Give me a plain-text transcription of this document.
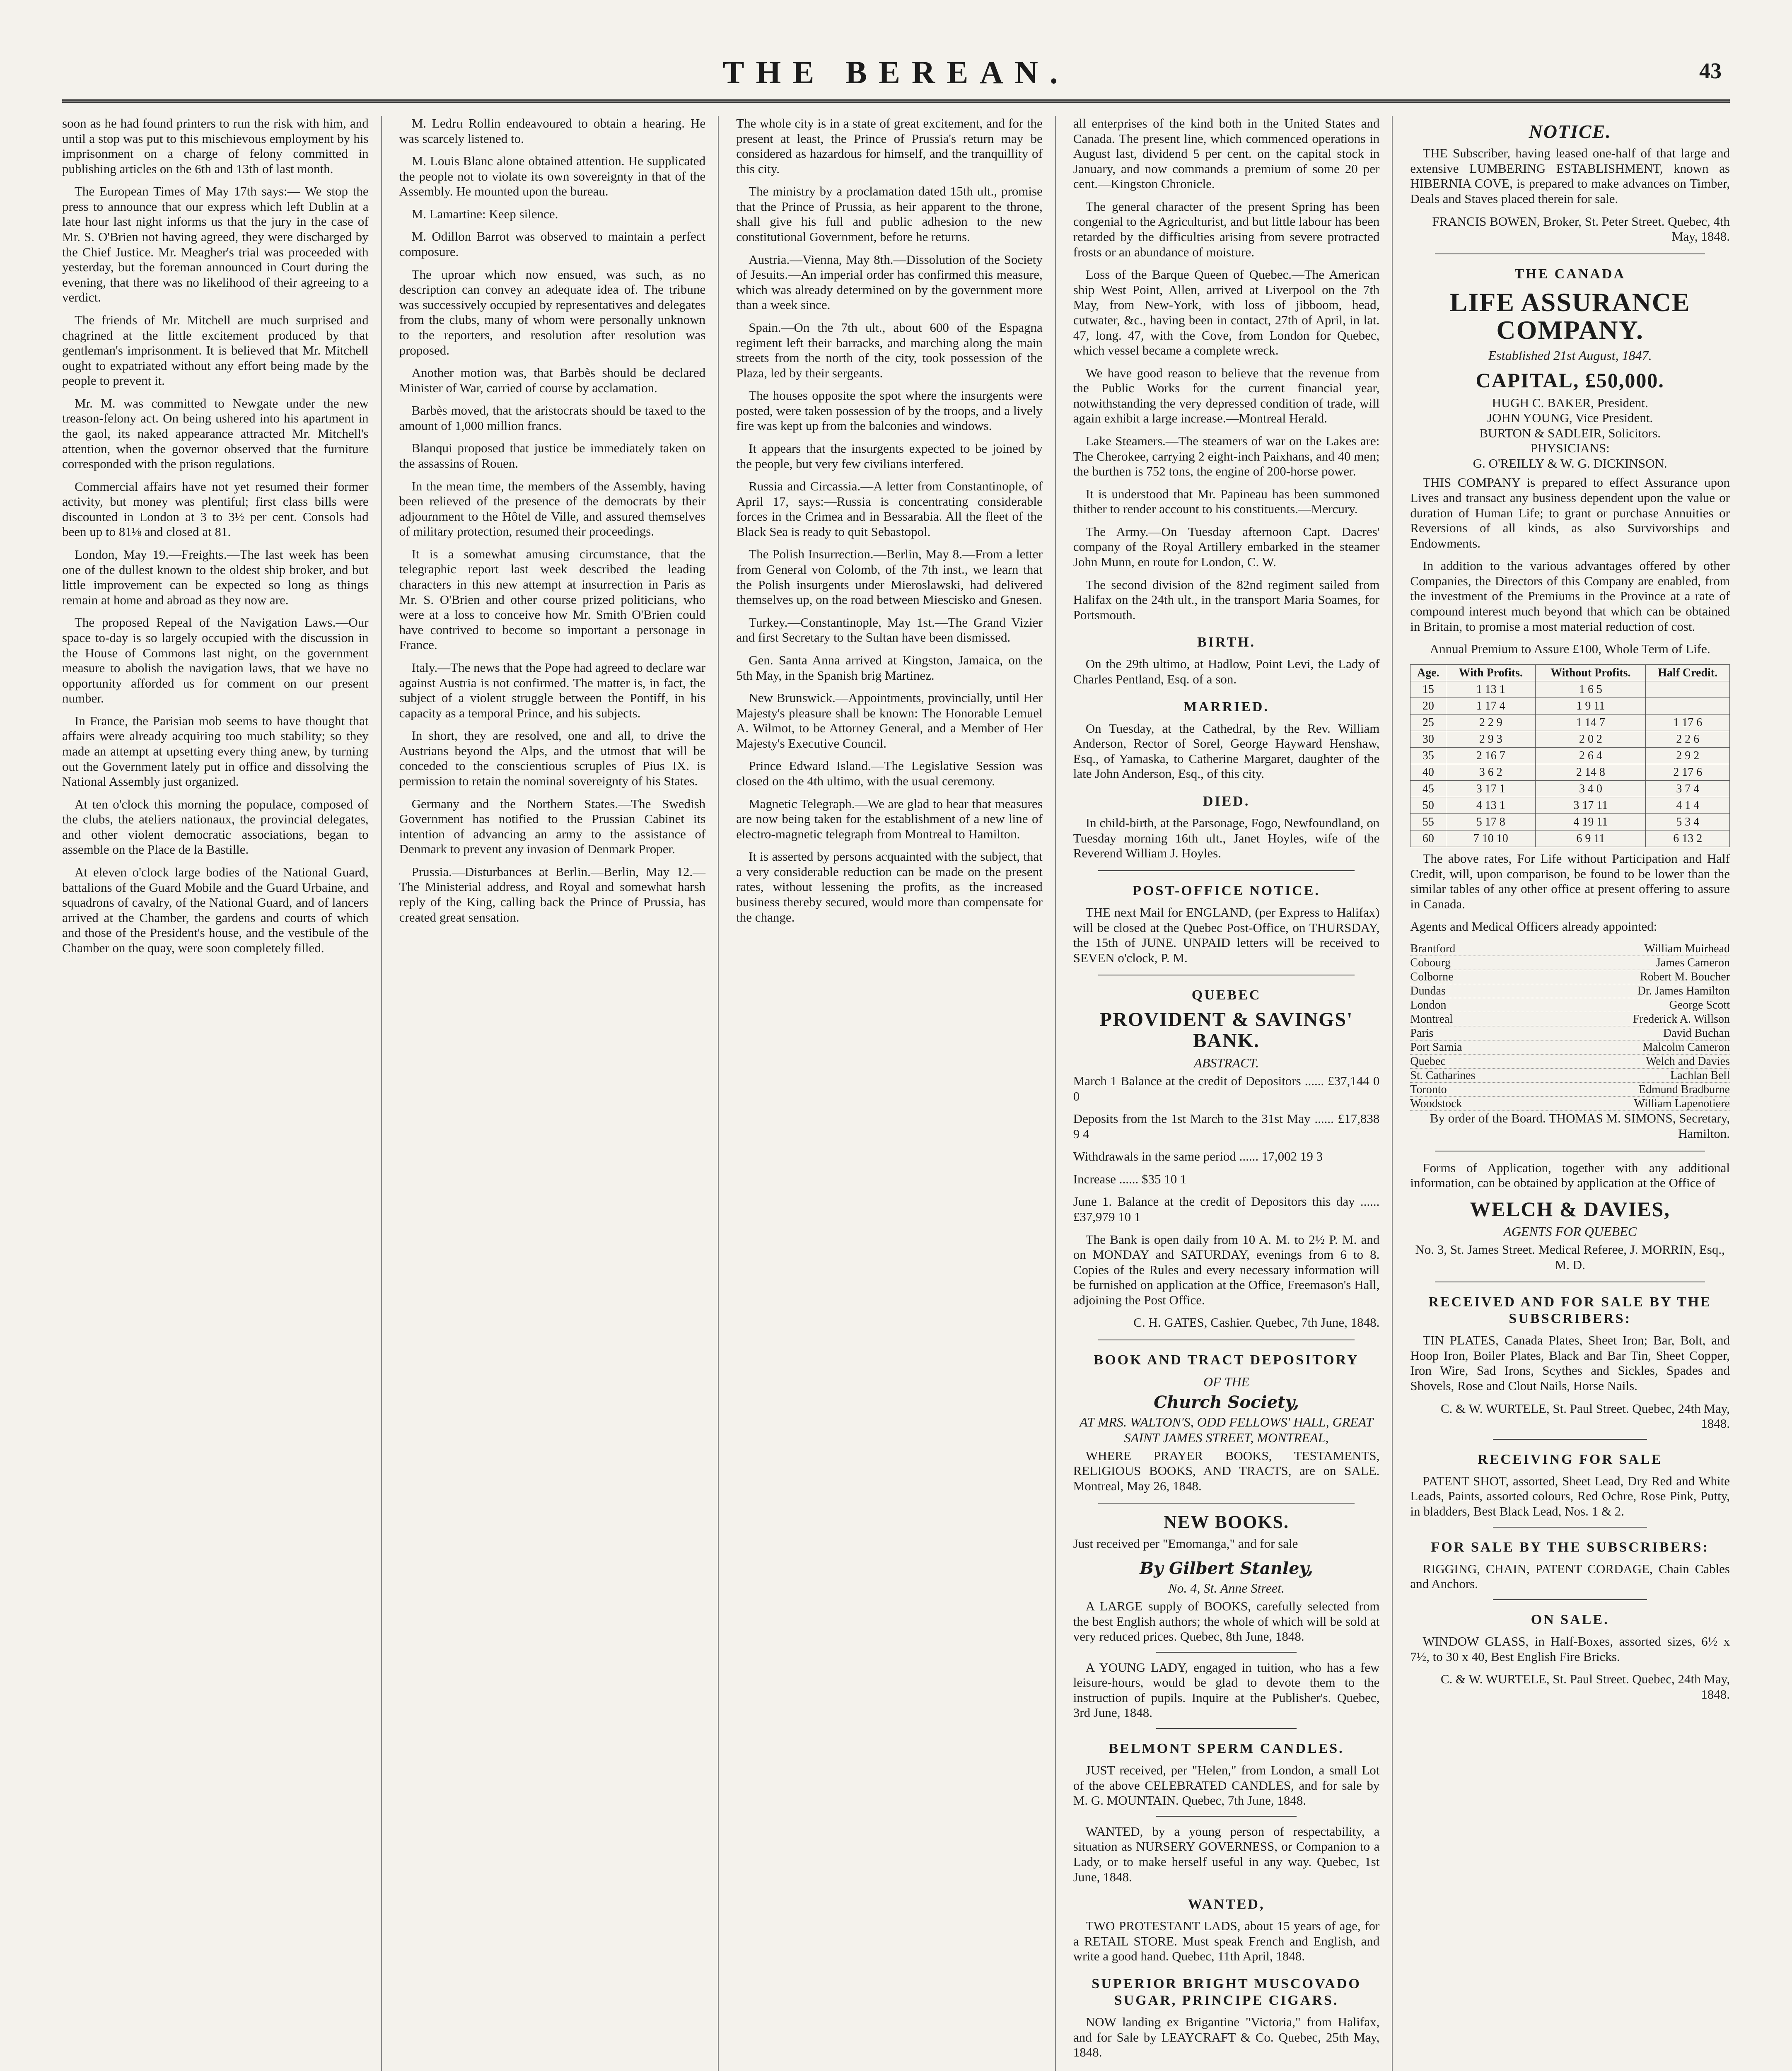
THE BEREAN.	43

soon as he had found printers to run the risk with him, and until a stop was put to this mischievous employment by his imprisonment on a charge of felony committed in publishing articles on the 6th and 13th of last month.

The European Times of May 17th says:— We stop the press to announce that our express which left Dublin at a late hour last night informs us that the jury in the case of Mr. S. O'Brien not having agreed, they were discharged by the Chief Justice. Mr. Meagher's trial was proceeded with yesterday, but the foreman announced in Court during the evening, that there was no likelihood of their agreeing to a verdict.

The friends of Mr. Mitchell are much surprised and chagrined at the little excitement produced by that gentleman's imprisonment. It is believed that Mr. Mitchell ought to expatriated without any effort being made by the people to prevent it.

Mr. M. was committed to Newgate under the new treason-felony act. On being ushered into his apartment in the gaol, its naked appearance attracted Mr. Mitchell's attention, when the governor observed that the furniture corresponded with the prison regulations.

Commercial affairs have not yet resumed their former activity, but money was plentiful; first class bills were discounted in London at 3 to 3½ per cent. Consols had been up to 81⅛ and closed at 81.

London, May 19.—Freights.—The last week has been one of the dullest known to the oldest ship broker, and but little improvement can be expected so long as things remain at home and abroad as they now are.

The proposed Repeal of the Navigation Laws.—Our space to-day is so largely occupied with the discussion in the House of Commons last night, on the government measure to abolish the navigation laws, that we have no opportunity afforded us for comment on our present number.

In France, the Parisian mob seems to have thought that affairs were already acquiring too much stability; so they made an attempt at upsetting every thing anew, by turning out the Government lately put in office and dissolving the National Assembly just organized.

At ten o'clock this morning the populace, composed of the clubs, the ateliers nationaux, the provincial delegates, and other violent democratic associations, began to assemble on the Place de la Bastille.

At eleven o'clock large bodies of the National Guard, battalions of the Guard Mobile and the Guard Urbaine, and squadrons of cavalry, of the National Guard, and of lancers arrived at the Chamber, the gardens and courts of which and those of the President's house, and the vestibule of the Chamber on the quay, were soon completely filled.

M. Ledru Rollin endeavoured to obtain a hearing. He was scarcely listened to.

M. Louis Blanc alone obtained attention. He supplicated the people not to violate its own sovereignty in that of the Assembly. He mounted upon the bureau.

M. Lamartine: Keep silence.

M. Odillon Barrot was observed to maintain a perfect composure.

The uproar which now ensued, was such, as no description can convey an adequate idea of. The tribune was successively occupied by representatives and delegates from the clubs, many of whom were personally unknown to the reporters, and resolution after resolution was proposed.

Another motion was, that Barbès should be declared Minister of War, carried of course by acclamation.

Barbès moved, that the aristocrats should be taxed to the amount of 1,000 million francs.

Blanqui proposed that justice be immediately taken on the assassins of Rouen.

In the mean time, the members of the Assembly, having been relieved of the presence of the democrats by their adjournment to the Hôtel de Ville, and assured themselves of military protection, resumed their proceedings.

It is a somewhat amusing circumstance, that the telegraphic report last week described the leading characters in this new attempt at insurrection in Paris as Mr. S. O'Brien and other course prized politicians, who were at a loss to conceive how Mr. Smith O'Brien could have contrived to become so important a personage in France.

Italy.—The news that the Pope had agreed to declare war against Austria is not confirmed. The matter is, in fact, the subject of a violent struggle between the Pontiff, in his capacity as a temporal Prince, and his subjects.

In short, they are resolved, one and all, to drive the Austrians beyond the Alps, and the utmost that will be conceded to the conscientious scruples of Pius IX. is permission to retain the nominal sovereignty of his States.

Germany and the Northern States.—The Swedish Government has notified to the Prussian Cabinet its intention of advancing an army to the assistance of Denmark to prevent any invasion of Denmark Proper.

Prussia.—Disturbances at Berlin.—Berlin, May 12.—The Ministerial address, and Royal and somewhat harsh reply of the King, calling back the Prince of Prussia, has created great sensation.

The whole city is in a state of great excitement, and for the present at least, the Prince of Prussia's return may be considered as hazardous for himself, and the tranquillity of this city.

The ministry by a proclamation dated 15th ult., promise that the Prince of Prussia, as heir apparent to the throne, shall give his full and public adhesion to the new constitutional Government, before he returns.

Austria.—Vienna, May 8th.—Dissolution of the Society of Jesuits.—An imperial order has confirmed this measure, which was already determined on by the government more than a week since.

Spain.—On the 7th ult., about 600 of the Espagna regiment left their barracks, and marching along the main streets from the north of the city, took possession of the Plaza, led by their sergeants.

The houses opposite the spot where the insurgents were posted, were taken possession of by the troops, and a lively fire was kept up from the balconies and windows.

It appears that the insurgents expected to be joined by the people, but very few civilians interfered.

Russia and Circassia.—A letter from Constantinople, of April 17, says:—Russia is concentrating considerable forces in the Crimea and in Bessarabia. All the fleet of the Black Sea is ready to quit Sebastopol.

The Polish Insurrection.—Berlin, May 8.—From a letter from General von Colomb, of the 7th inst., we learn that the Polish insurgents under Mieroslawski, had delivered themselves up, on the road between Miescisko and Gnesen.

Turkey.—Constantinople, May 1st.—The Grand Vizier and first Secretary to the Sultan have been dismissed.

Gen. Santa Anna arrived at Kingston, Jamaica, on the 5th May, in the Spanish brig Martinez.

New Brunswick.—Appointments, provincially, until Her Majesty's pleasure shall be known: The Honorable Lemuel A. Wilmot, to be Attorney General, and a Member of Her Majesty's Executive Council.

Prince Edward Island.—The Legislative Session was closed on the 4th ultimo, with the usual ceremony.

Magnetic Telegraph.—We are glad to hear that measures are now being taken for the establishment of a new line of electro-magnetic telegraph from Montreal to Hamilton.

It is asserted by persons acquainted with the subject, that a very considerable reduction can be made on the present rates, without lessening the profits, as the increased business thereby secured, would more than compensate for the change.

all enterprises of the kind both in the United States and Canada. The present line, which commenced operations in August last, dividend 5 per cent. on the capital stock in January, and now commands a premium of some 20 per cent.—Kingston Chronicle.

The general character of the present Spring has been congenial to the Agriculturist, and but little labour has been retarded by the difficulties arising from severe protracted frosts or an abundance of moisture.

Loss of the Barque Queen of Quebec.—The American ship West Point, Allen, arrived at Liverpool on the 7th May, from New-York, with loss of jibboom, head, cutwater, &c., having been in contact, 27th of April, in lat. 47, long. 47, with the Cove, from London for Quebec, which vessel became a complete wreck.

We have good reason to believe that the revenue from the Public Works for the current financial year, notwithstanding the very depressed condition of trade, will again exhibit a large increase.—Montreal Herald.

Lake Steamers.—The steamers of war on the Lakes are: The Cherokee, carrying 2 eight-inch Paixhans, and 40 men; the burthen is 752 tons, the engine of 200-horse power.

It is understood that Mr. Papineau has been summoned thither to render account to his constituents.—Mercury.

The Army.—On Tuesday afternoon Capt. Dacres' company of the Royal Artillery embarked in the steamer John Munn, en route for London, C. W.

The second division of the 82nd regiment sailed from Halifax on the 24th ult., in the transport Maria Soames, for Portsmouth.

BIRTH.

On the 29th ultimo, at Hadlow, Point Levi, the Lady of Charles Pentland, Esq. of a son.

MARRIED.

On Tuesday, at the Cathedral, by the Rev. William Anderson, Rector of Sorel, George Hayward Henshaw, Esq., of Yamaska, to Catherine Margaret, daughter of the late John Anderson, Esq., of this city.

DIED.

In child-birth, at the Parsonage, Fogo, Newfoundland, on Tuesday morning 16th ult., Janet Hoyles, wife of the Reverend William J. Hoyles.

POST-OFFICE NOTICE.

THE next Mail for ENGLAND, (per Express to Halifax) will be closed at the Quebec Post-Office, on THURSDAY, the 15th of JUNE. UNPAID letters will be received to SEVEN o'clock, P. M.

QUEBEC
PROVIDENT & SAVINGS' BANK.
ABSTRACT.

March 1 Balance at the credit of Depositors ...... £37,144 0 0

Deposits from the 1st March to the 31st May ...... £17,838 9 4

Withdrawals in the same period ...... 17,002 19 3

Increase ...... $35 10 1

June 1. Balance at the credit of Depositors this day ...... £37,979 10 1

The Bank is open daily from 10 A. M. to 2½ P. M. and on MONDAY and SATURDAY, evenings from 6 to 8. Copies of the Rules and every necessary information will be furnished on application at the Office, Freemason's Hall, adjoining the Post Office.

C. H. GATES, Cashier. Quebec, 7th June, 1848.

BOOK AND TRACT DEPOSITORY
OF THE
Church Society,
AT MRS. WALTON'S, ODD FELLOWS' HALL, GREAT SAINT JAMES STREET, MONTREAL,

WHERE PRAYER BOOKS, TESTAMENTS, RELIGIOUS BOOKS, AND TRACTS, are on SALE. Montreal, May 26, 1848.

NEW BOOKS.

Just received per "Emomanga," and for sale

By Gilbert Stanley,
No. 4, St. Anne Street.

A LARGE supply of BOOKS, carefully selected from the best English authors; the whole of which will be sold at very reduced prices. Quebec, 8th June, 1848.

A YOUNG LADY, engaged in tuition, who has a few leisure-hours, would be glad to devote them to the instruction of pupils. Inquire at the Publisher's. Quebec, 3rd June, 1848.

BELMONT SPERM CANDLES.

JUST received, per "Helen," from London, a small Lot of the above CELEBRATED CANDLES, and for sale by M. G. MOUNTAIN. Quebec, 7th June, 1848.

WANTED, by a young person of respectability, a situation as NURSERY GOVERNESS, or Companion to a Lady, or to make herself useful in any way. Quebec, 1st June, 1848.

WANTED,

TWO PROTESTANT LADS, about 15 years of age, for a RETAIL STORE. Must speak French and English, and write a good hand. Quebec, 11th April, 1848.

SUPERIOR BRIGHT MUSCOVADO SUGAR, PRINCIPE CIGARS.

NOW landing ex Brigantine "Victoria," from Halifax, and for Sale by LEAYCRAFT & Co. Quebec, 25th May, 1848.

NOTICE.

THE Subscriber, having leased one-half of that large and extensive LUMBERING ESTABLISHMENT, known as HIBERNIA COVE, is prepared to make advances on Timber, Deals and Staves placed therein for sale.

FRANCIS BOWEN, Broker, St. Peter Street. Quebec, 4th May, 1848.

THE CANADA
LIFE ASSURANCE COMPANY.
Established 21st August, 1847.
CAPITAL, £50,000.
HUGH C. BAKER, President.
JOHN YOUNG, Vice President.
BURTON & SADLEIR, Solicitors.
PHYSICIANS:
G. O'REILLY & W. G. DICKINSON.

THIS COMPANY is prepared to effect Assurance upon Lives and transact any business dependent upon the value or duration of Human Life; to grant or purchase Annuities or Reversions of all kinds, as also Survivorships and Endowments.

In addition to the various advantages offered by other Companies, the Directors of this Company are enabled, from the investment of the Premiums in the Province at a rate of compound interest much beyond that which can be obtained in Britain, to promise a most material reduction of cost.

Annual Premium to Assure £100, Whole Term of Life.

Age.	With Profits.	Without Profits.	Half Credit.
15	1 13 1	1 6 5	
20	1 17 4	1 9 11	
25	2 2 9	1 14 7	1 17 6
30	2 9 3	2 0 2	2 2 6
35	2 16 7	2 6 4	2 9 2
40	3 6 2	2 14 8	2 17 6
45	3 17 1	3 4 0	3 7 4
50	4 13 1	3 17 11	4 1 4
55	5 17 8	4 19 11	5 3 4
60	7 10 10	6 9 11	6 13 2

The above rates, For Life without Participation and Half Credit, will, upon comparison, be found to be lower than the similar tables of any other office at present offering to assure in Canada.

Agents and Medical Officers already appointed:

Brantford	William Muirhead
Cobourg	James Cameron
Colborne	Robert M. Boucher
Dundas	Dr. James Hamilton
London	George Scott
Montreal	Frederick A. Willson
Paris	David Buchan
Port Sarnia	Malcolm Cameron
Quebec	Welch and Davies
St. Catharines	Lachlan Bell
Toronto	Edmund Bradburne
Woodstock	William Lapenotiere

By order of the Board. THOMAS M. SIMONS, Secretary, Hamilton.

Forms of Application, together with any additional information, can be obtained by application at the Office of

WELCH & DAVIES,
AGENTS FOR QUEBEC

No. 3, St. James Street. Medical Referee, J. MORRIN, Esq., M. D.

RECEIVED AND FOR SALE BY THE SUBSCRIBERS:

TIN PLATES, Canada Plates, Sheet Iron; Bar, Bolt, and Hoop Iron, Boiler Plates, Black and Bar Tin, Sheet Copper, Iron Wire, Sad Irons, Scythes and Sickles, Spades and Shovels, Rose and Clout Nails, Horse Nails.

C. & W. WURTELE, St. Paul Street. Quebec, 24th May, 1848.

RECEIVING FOR SALE

PATENT SHOT, assorted, Sheet Lead, Dry Red and White Leads, Paints, assorted colours, Red Ochre, Rose Pink, Putty, in bladders, Best Black Lead, Nos. 1 & 2.

FOR SALE BY THE SUBSCRIBERS:

RIGGING, CHAIN, PATENT CORDAGE, Chain Cables and Anchors.

ON SALE.

WINDOW GLASS, in Half-Boxes, assorted sizes, 6½ x 7½, to 30 x 40, Best English Fire Bricks.

C. & W. WURTELE, St. Paul Street. Quebec, 24th May, 1848.
